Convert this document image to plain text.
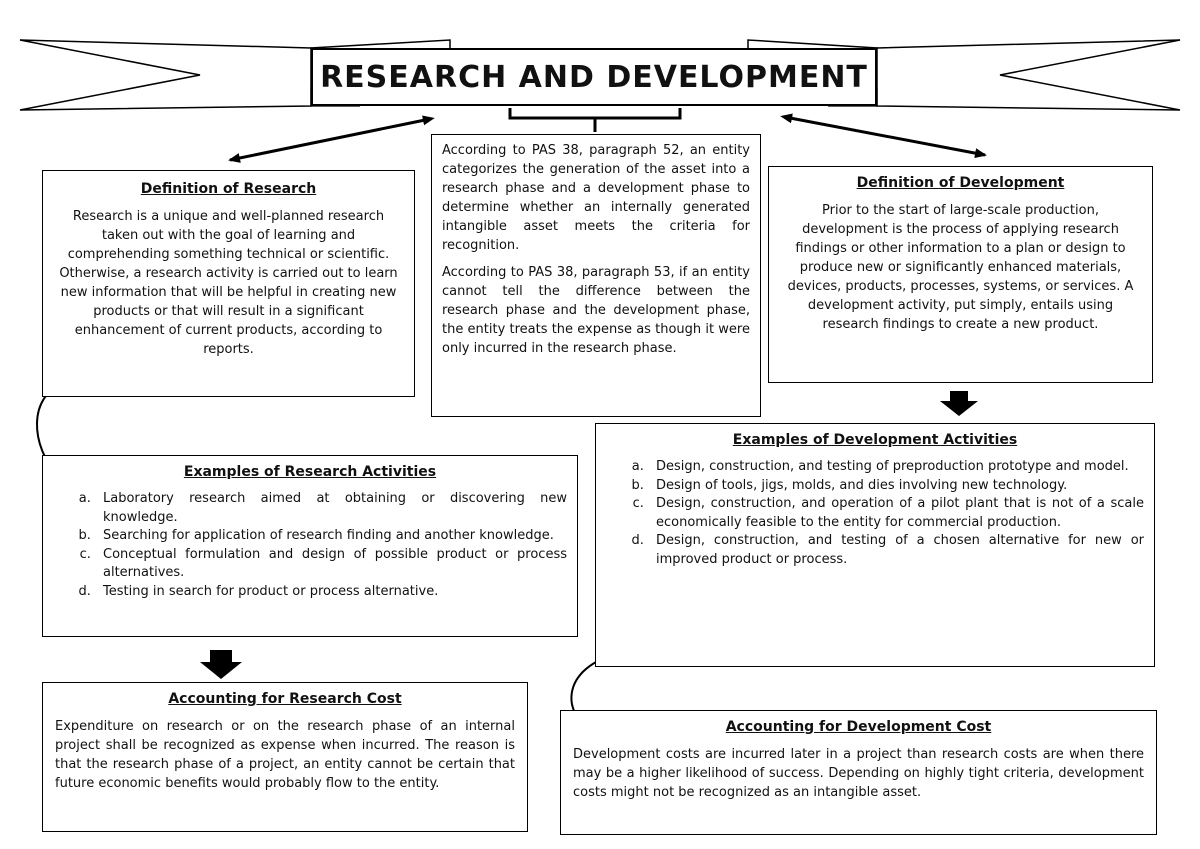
RESEARCH AND DEVELOPMENT
Definition of Research

Research is a unique and well-planned research taken out with the goal of learning and comprehending something technical or scientific. Otherwise, a research activity is carried out to learn new information that will be helpful in creating new products or that will result in a significant enhancement of current products, according to reports.

According to PAS 38, paragraph 52, an entity categorizes the generation of the asset into a research phase and a development phase to determine whether an internally generated intangible asset meets the criteria for recognition.

According to PAS 38, paragraph 53, if an entity cannot tell the difference between the research phase and the development phase, the entity treats the expense as though it were only incurred in the research phase.

Definition of Development

Prior to the start of large-scale production, development is the process of applying research findings or other information to a plan or design to produce new or significantly enhanced materials, devices, products, processes, systems, or services. A development activity, put simply, entails using research findings to create a new product.

Examples of Development Activities
a. Design, construction, and testing of preproduction prototype and model.
b. Design of tools, jigs, molds, and dies involving new technology.
c. Design, construction, and operation of a pilot plant that is not of a scale economically feasible to the entity for commercial production.
d. Design, construction, and testing of a chosen alternative for new or improved product or process.
Examples of Research Activities
a. Laboratory research aimed at obtaining or discovering new knowledge.
b. Searching for application of research finding and another knowledge.
c. Conceptual formulation and design of possible product or process alternatives.
d. Testing in search for product or process alternative.
Accounting for Research Cost

Expenditure on research or on the research phase of an internal project shall be recognized as expense when incurred. The reason is that the research phase of a project, an entity cannot be certain that future economic benefits would probably flow to the entity.

Accounting for Development Cost

Development costs are incurred later in a project than research costs are when there may be a higher likelihood of success. Depending on highly tight criteria, development costs might not be recognized as an intangible asset.
